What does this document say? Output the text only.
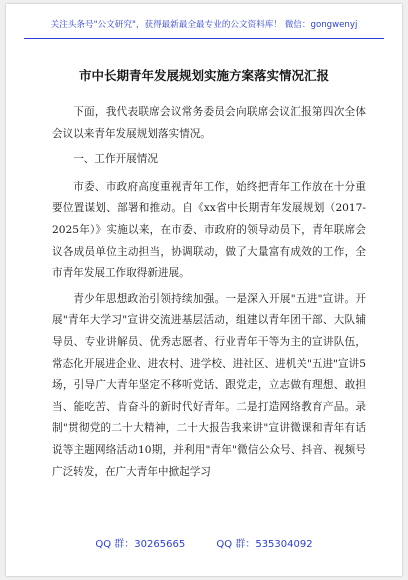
关注头条号"公文研究"，获得最新最全最专业的公文资料库！ 微信：gongwenyj
市中长期青年发展规划实施方案落实情况汇报

下面，我代表联席会议常务委员会向联席会议汇报第四次全体会议以来青年发展规划落实情况。

一、工作开展情况

市委、市政府高度重视青年工作，始终把青年工作放在十分重要位置谋划、部署和推动。自《xx省中长期青年发展规划（2017-2025年）》实施以来，在市委、市政府的领导动员下，青年联席会议各成员单位主动担当，协调联动，做了大量富有成效的工作，全市青年发展工作取得新进展。

青少年思想政治引领持续加强。一是深入开展"五进"宣讲。开展"青年大学习"宣讲交流进基层活动，组建以青年团干部、大队辅导员、专业讲解员、优秀志愿者、行业青年干等为主的宣讲队伍，常态化开展进企业、进农村、进学校、进社区、进机关"五进"宣讲5场，引导广大青年坚定不移听党话、跟党走，立志做有理想、敢担当、能吃苦、肯奋斗的新时代好青年。二是打造网络教育产品。录制"贯彻党的二十大精神，二十大报告我来讲"宣讲微课和青年有话说等主题网络活动10期，并利用"青年"微信公众号、抖音、视频号广泛转发，在广大青年中掀起学习

QQ 群：30265665	QQ 群：535304092
